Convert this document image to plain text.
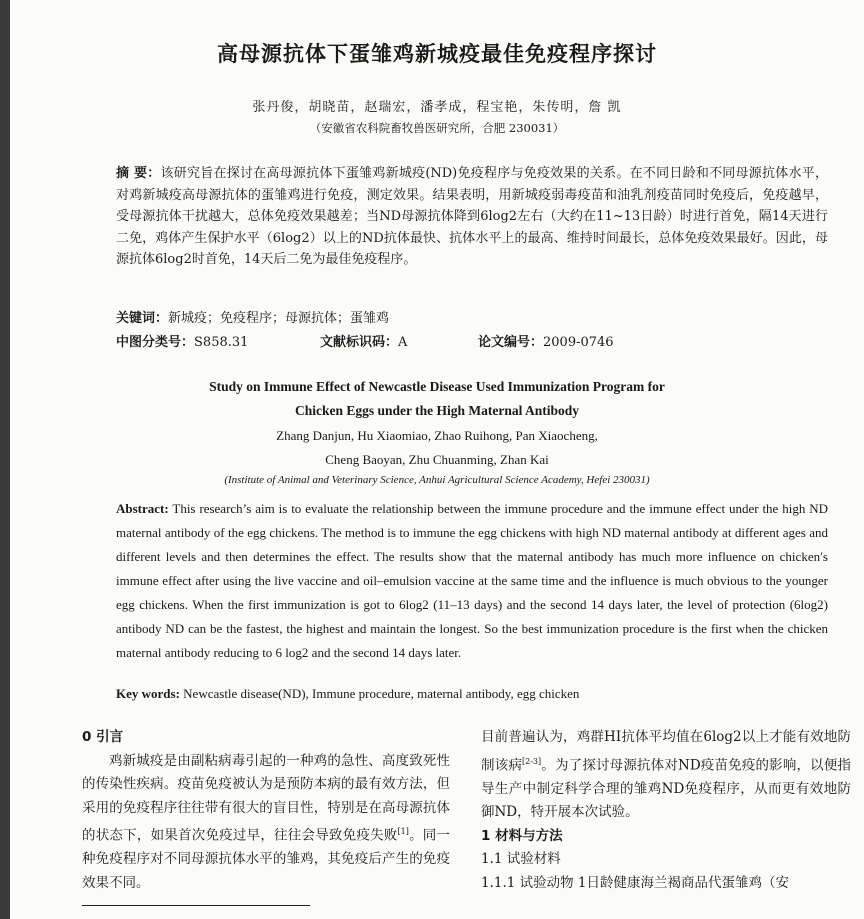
高母源抗体下蛋雏鸡新城疫最佳免疫程序探讨
张丹俊，胡晓苗，赵瑞宏，潘孝成，程宝艳，朱传明，詹 凯
（安徽省农科院畜牧兽医研究所，合肥 230031）
摘 要：该研究旨在探讨在高母源抗体下蛋雏鸡新城疫(ND)免疫程序与免疫效果的关系。在不同日龄和不同母源抗体水平，对鸡新城疫高母源抗体的蛋雏鸡进行免疫，测定效果。结果表明，用新城疫弱毒疫苗和油乳剂疫苗同时免疫后，免疫越早，受母源抗体干扰越大，总体免疫效果越差；当ND母源抗体降到6log2左右（大约在11~13日龄）时进行首免，隔14天进行二免，鸡体产生保护水平（6log2）以上的ND抗体最快、抗体水平上的最高、维持时间最长，总体免疫效果最好。因此，母源抗体6log2时首免，14天后二免为最佳免疫程序。
关键词：新城疫；免疫程序；母源抗体；蛋雏鸡
中图分类号：S858.31	文献标识码：A	论文编号：2009-0746
Study on Immune Effect of Newcastle Disease Used Immunization Program for
Chicken Eggs under the High Maternal Antibody
Zhang Danjun, Hu Xiaomiao, Zhao Ruihong, Pan Xiaocheng,
Cheng Baoyan, Zhu Chuanming, Zhan Kai
(Institute of Animal and Veterinary Science, Anhui Agricultural Science Academy, Hefei 230031)
Abstract: This research’s aim is to evaluate the relationship between the immune procedure and the immune effect under the high ND maternal antibody of the egg chickens. The method is to immune the egg chickens with high ND maternal antibody at different ages and different levels and then determines the effect. The results show that the maternal antibody has much more influence on chicken′s immune effect after using the live vaccine and oil–emulsion vaccine at the same time and the influence is much obvious to the younger egg chickens. When the first immunization is got to 6log2 (11–13 days) and the second 14 days later, the level of protection (6log2) antibody ND can be the fastest, the highest and maintain the longest. So the best immunization procedure is the first when the chicken maternal antibody reducing to 6 log2 and the second 14 days later.
Key words: Newcastle disease(ND), Immune procedure, maternal antibody, egg chicken

0 引言

鸡新城疫是由副粘病毒引起的一种鸡的急性、高度致死性的传染性疾病。疫苗免疫被认为是预防本病的最有效方法，但采用的免疫程序往往带有很大的盲目性，特别是在高母源抗体的状态下，如果首次免疫过早，往往会导致免疫失败[1]。同一种免疫程序对不同母源抗体水平的雏鸡，其免疫后产生的免疫效果不同。

目前普遍认为，鸡群HI抗体平均值在6log2以上才能有效地防制该病[2-3]。为了探讨母源抗体对ND疫苗免疫的影响，以便指导生产中制定科学合理的雏鸡ND免疫程序，从而更有效地防御ND，特开展本次试验。

1 材料与方法

1.1 试验材料

1.1.1 试验动物 1日龄健康海兰褐商品代蛋雏鸡（安
